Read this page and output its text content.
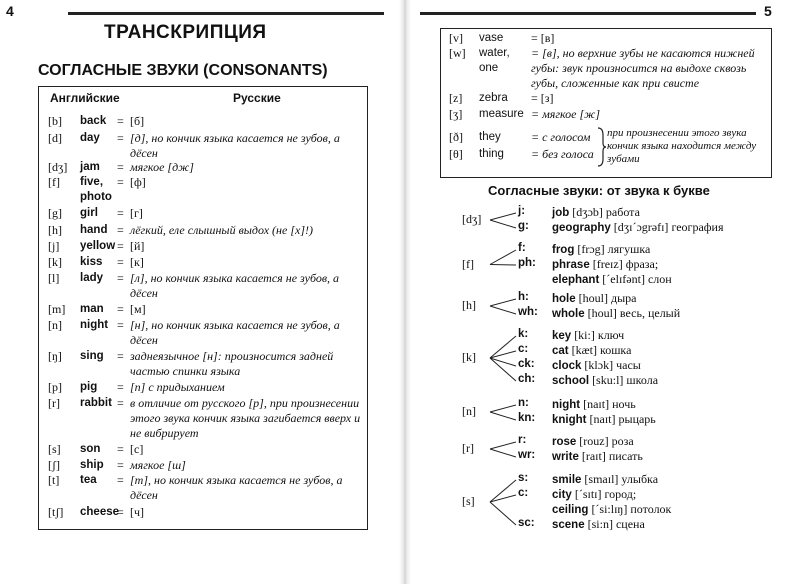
4
ТРАНСКРИПЦИЯ
СОГЛАСНЫЕ ЗВУКИ (CONSONANTS)
Английские	Русские
[b] back = [б]
[d] day = [д], но кончик языка касается не зубов, а дёсен
[dʒ] jam = мягкое [дж]
[f] five, photo
= [ф]
[g] girl = [г]
[h] hand = лёгкий, еле слышный выдох (не [х]!)
[j] yellow = [й]
[k] kiss = [к]
[l] lady = [л], но кончик языка касается не зубов, а дёсен
[m] man = [м]
[n] night = [н], но кончик языка касается не зубов, а дёсен
[ŋ] sing = заднеязычное [н]: произносится задней частью спинки языка
[p] pig = [п] с придыханием
[r] rabbit = в отличие от русского [р], при произнесении этого звука кончик языка загибается вверх и не вибрирует
[s] son = [с]
[ʃ] ship = мягкое [ш]
[t] tea = [т], но кончик языка касается не зубов, а дёсен
[tʃ] cheese
= [ч]
5
[v] vase = [в]
[w] water, one
= [в], но верхние зубы не касаются нижней губы: звук произносится на выдохе сквозь губы, сложенные как при свисте
[z] zebra = [з]
[ʒ] measure = мягкое [ж]
[ð] they	= с голосом
[θ] thing = без голоса
при произнесении этого звука кончик языка находится между зубами
Согласные звуки: от звука к букве
[dʒ]
j: job [dʒɔb] работа
g: geography [dʒɪ´ɔgrəfɪ] география
[f]
f: frog [frɔg] лягушка
ph: phrase [freɪz] фраза;
elephant [´elɪfənt] слон
[h]
h: hole [houl] дыра
wh: whole [houl] весь, целый
[k]
k: key [ki:] ключ
c: cat [kæt] кошка
ck: clock [klɔk] часы
ch: school [sku:l] школа
[n]
n: night [naɪt] ночь
kn: knight [naɪt] рыцарь
[r]
r: rose [rouz] роза
wr: write [raɪt] писать
[s]
s: smile [smaɪl] улыбка
c: city [´sɪtɪ] город;
ceiling [´si:lɪŋ] потолок
sc: scene [si:n] сцена
